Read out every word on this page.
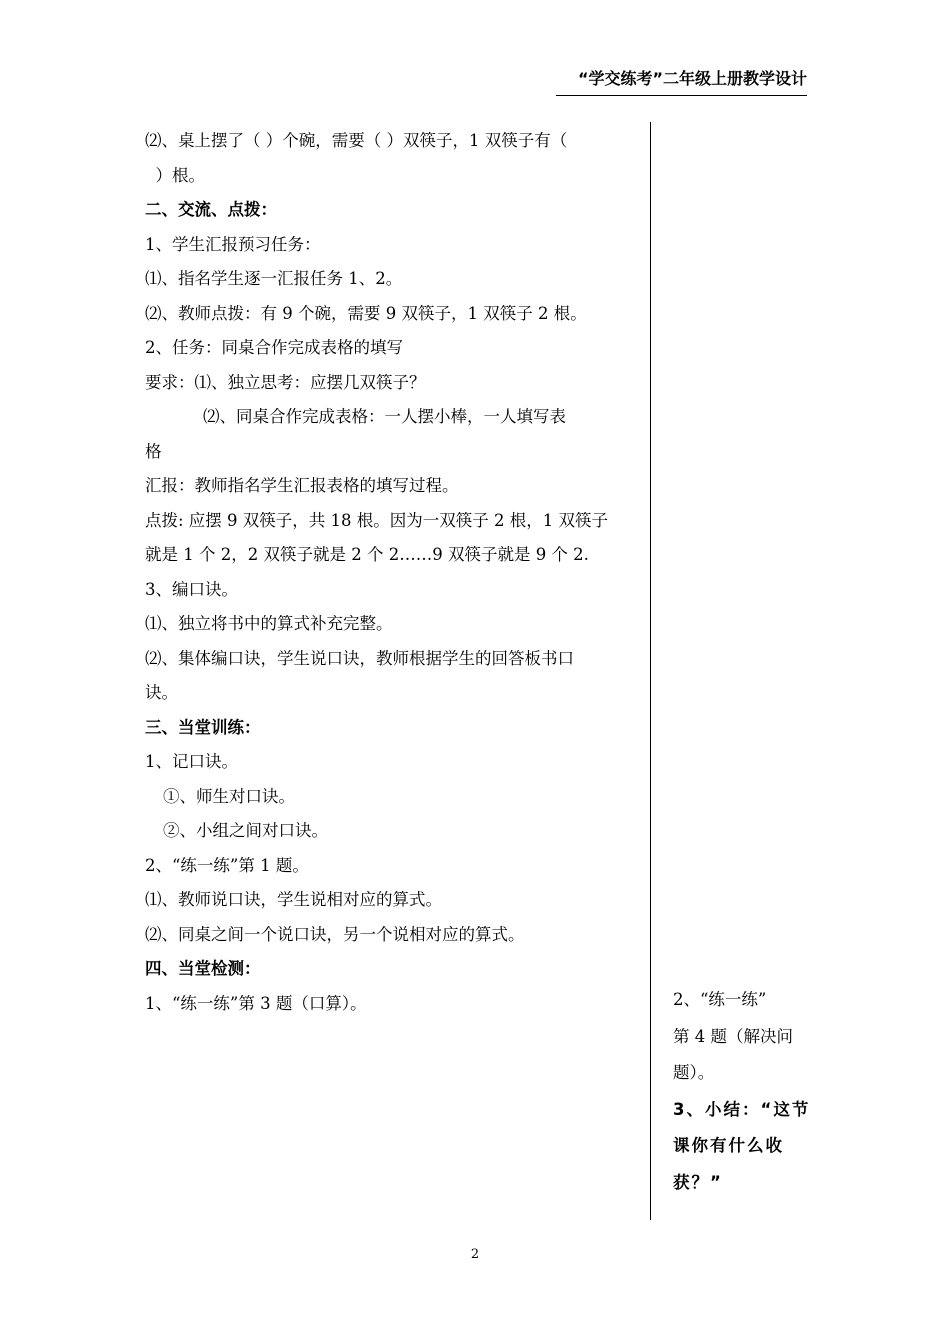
“学交练考”二年级上册教学设计

⑵、桌上摆了（ ）个碗，需要（ ）双筷子，1 双筷子有（

）根。

二、交流、点拨：

1、学生汇报预习任务：

⑴、指名学生逐一汇报任务 1、2。

⑵、教师点拨：有 9 个碗，需要 9 双筷子，1 双筷子 2 根。

2、任务：同桌合作完成表格的填写

要求：⑴、独立思考：应摆几双筷子？

⑵、同桌合作完成表格：一人摆小棒，一人填写表

格

汇报：教师指名学生汇报表格的填写过程。

点拨: 应摆 9 双筷子，共 18 根。因为一双筷子 2 根，1 双筷子

就是 1 个 2，2 双筷子就是 2 个 2……9 双筷子就是 9 个 2.

3、编口诀。

⑴、独立将书中的算式补充完整。

⑵、集体编口诀，学生说口诀，教师根据学生的回答板书口

诀。

三、当堂训练：

1、记口诀。

①、师生对口诀。

②、小组之间对口诀。

2、“练一练”第 1 题。

⑴、教师说口诀，学生说相对应的算式。

⑵、同桌之间一个说口诀，另一个说相对应的算式。

四、当堂检测：

1、“练一练”第 3 题（口算）。	2、“练一练”

第 4 题（解决问

题）。

3、小结：“这节

课你有什么收

获？”

2
